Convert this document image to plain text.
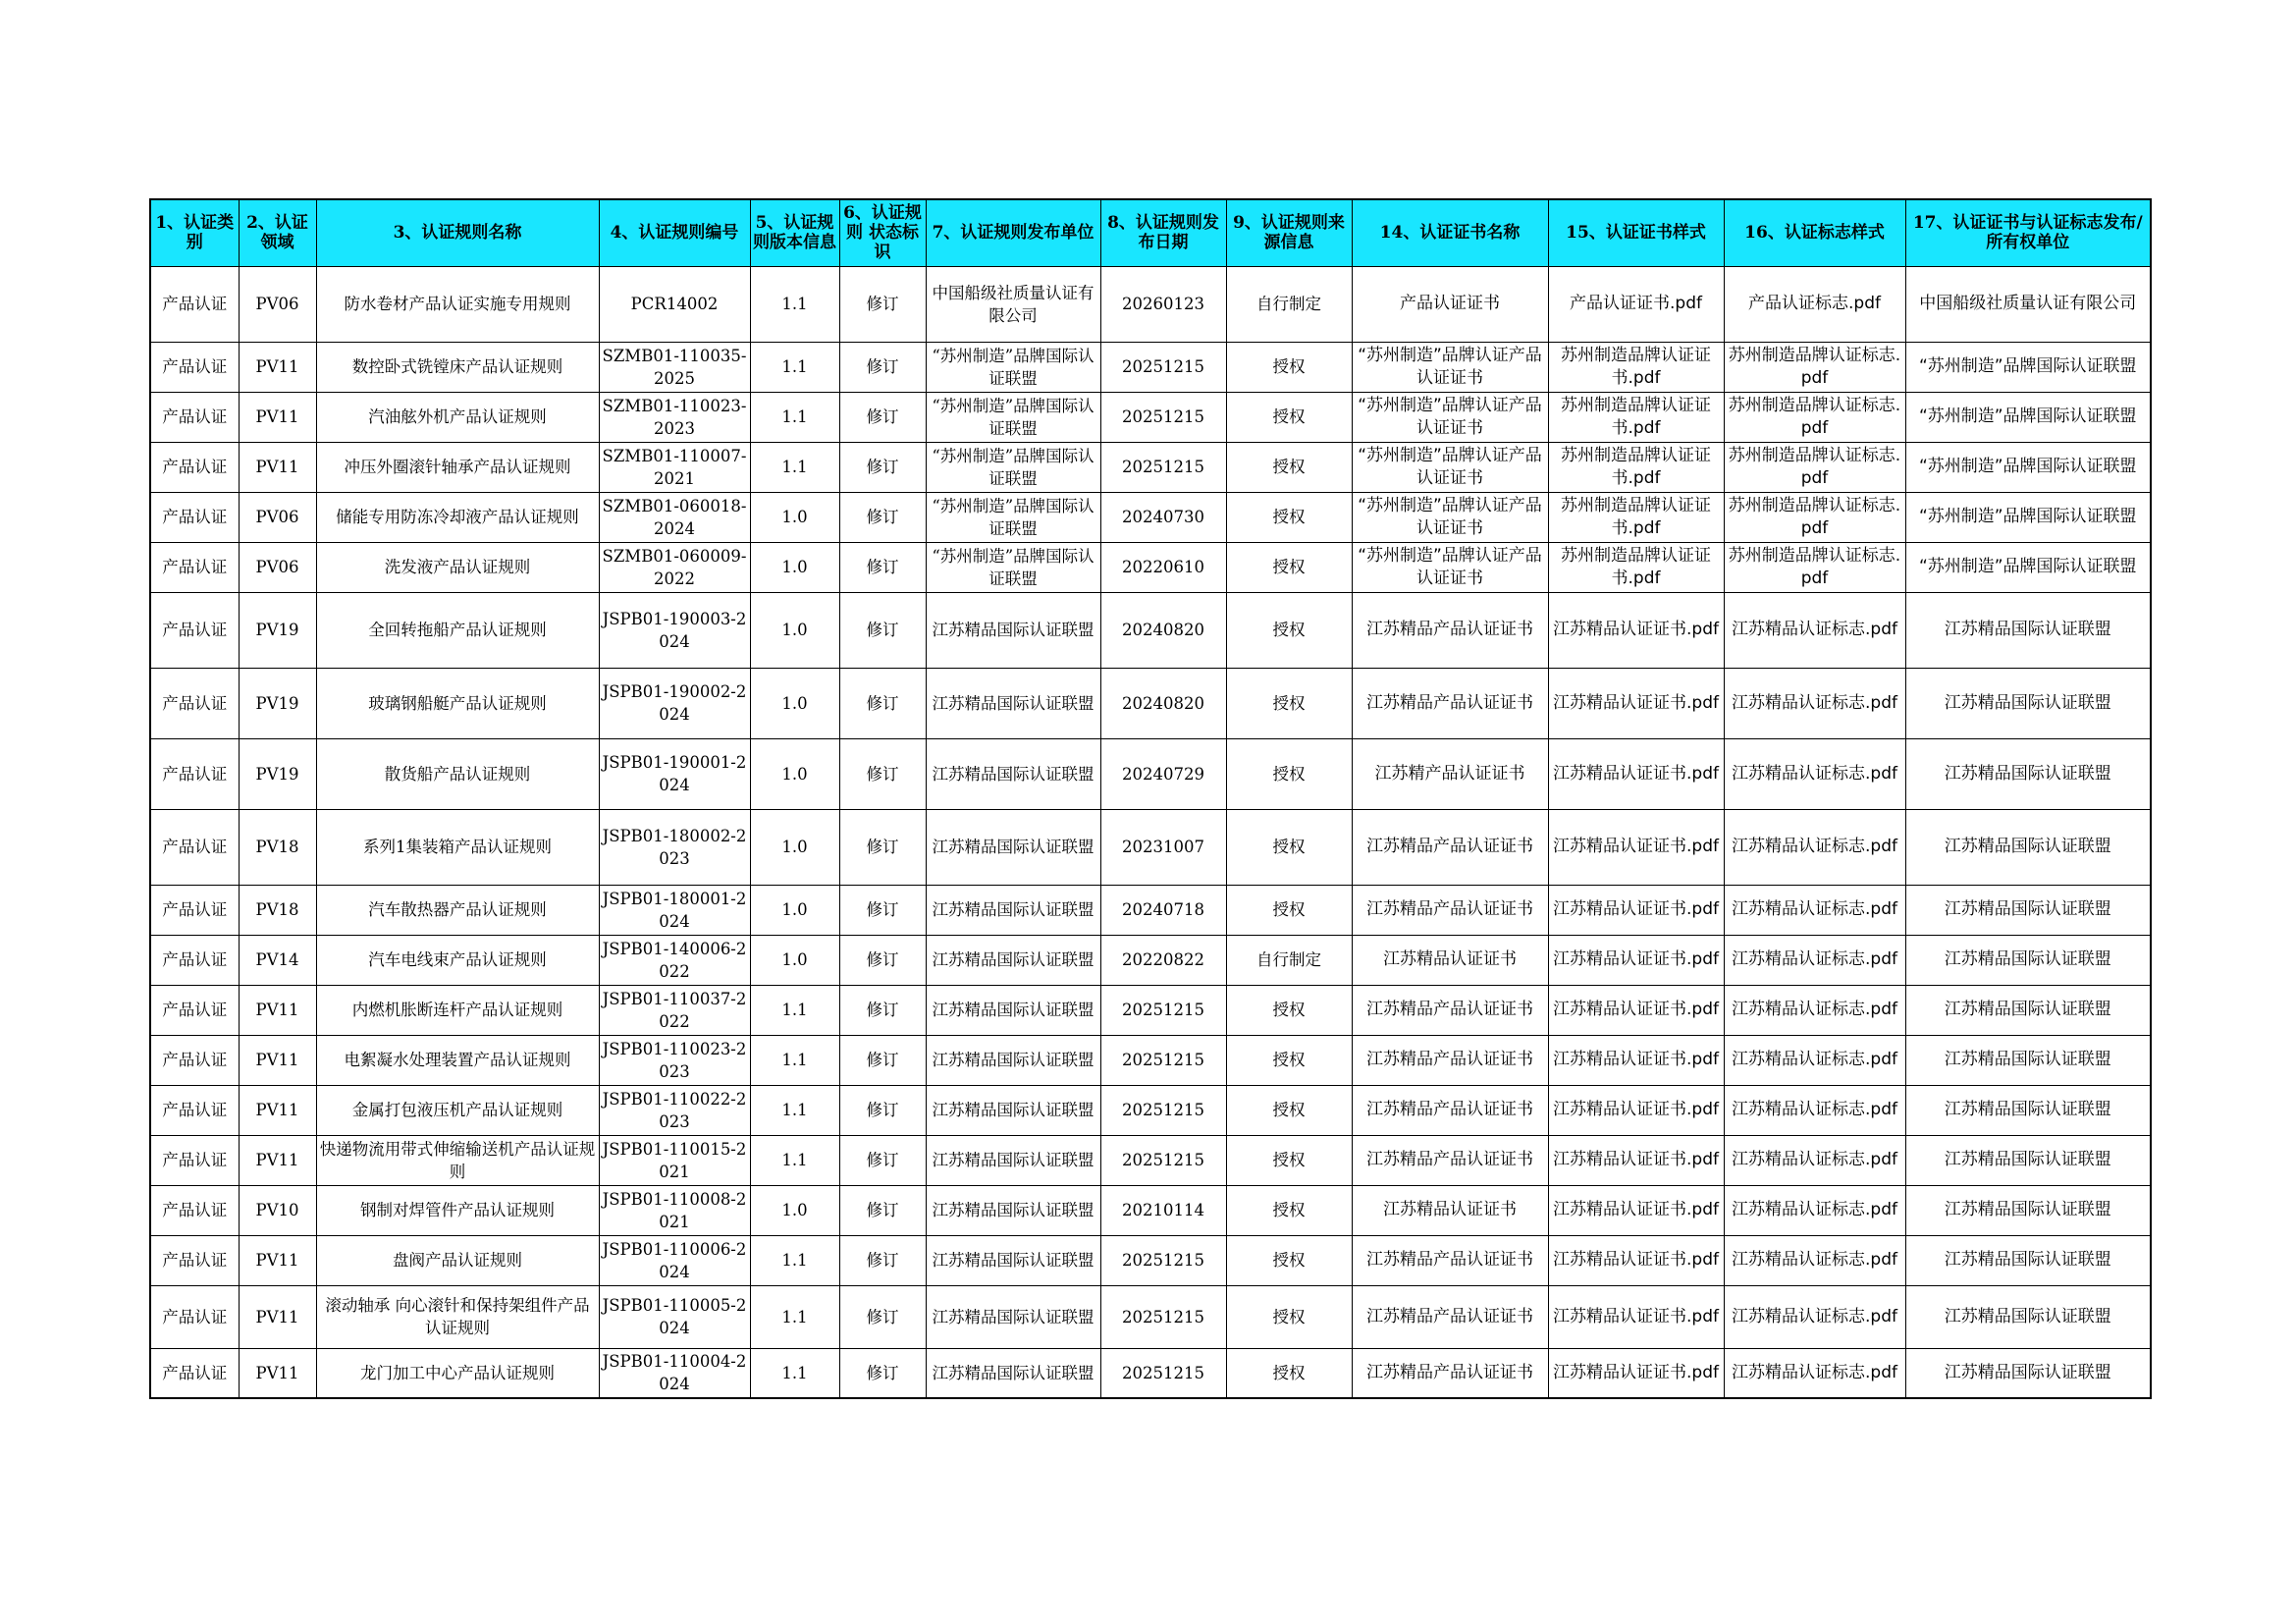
1、认证类别	2、认证领域	3、认证规则名称	4、认证规则编号	5、认证规则版本信息	6、认证规则 状态标识	7、认证规则发布单位	8、认证规则发布日期	9、认证规则来源信息	14、认证证书名称	15、认证证书样式	16、认证标志样式	17、认证证书与认证标志发布/所有权单位
产品认证	PV06	防水卷材产品认证实施专用规则	PCR14002	1.1	修订	中国船级社质量认证有限公司	20260123	自行制定	产品认证证书	产品认证证书.pdf	产品认证标志.pdf	中国船级社质量认证有限公司
产品认证	PV11	数控卧式铣镗床产品认证规则	SZMB01-110035-2025	1.1	修订	“苏州制造”品牌国际认证联盟	20251215	授权	“苏州制造”品牌认证产品认证证书	苏州制造品牌认证证书.pdf	苏州制造品牌认证标志.pdf	“苏州制造”品牌国际认证联盟
产品认证	PV11	汽油舷外机产品认证规则	SZMB01-110023-2023	1.1	修订	“苏州制造”品牌国际认证联盟	20251215	授权	“苏州制造”品牌认证产品认证证书	苏州制造品牌认证证书.pdf	苏州制造品牌认证标志.pdf	“苏州制造”品牌国际认证联盟
产品认证	PV11	冲压外圈滚针轴承产品认证规则	SZMB01-110007-2021	1.1	修订	“苏州制造”品牌国际认证联盟	20251215	授权	“苏州制造”品牌认证产品认证证书	苏州制造品牌认证证书.pdf	苏州制造品牌认证标志.pdf	“苏州制造”品牌国际认证联盟
产品认证	PV06	储能专用防冻冷却液产品认证规则	SZMB01-060018-2024	1.0	修订	“苏州制造”品牌国际认证联盟	20240730	授权	“苏州制造”品牌认证产品认证证书	苏州制造品牌认证证书.pdf	苏州制造品牌认证标志.pdf	“苏州制造”品牌国际认证联盟
产品认证	PV06	洗发液产品认证规则	SZMB01-060009-2022	1.0	修订	“苏州制造”品牌国际认证联盟	20220610	授权	“苏州制造”品牌认证产品认证证书	苏州制造品牌认证证书.pdf	苏州制造品牌认证标志.pdf	“苏州制造”品牌国际认证联盟
产品认证	PV19	全回转拖船产品认证规则	JSPB01-190003-2024	1.0	修订	江苏精品国际认证联盟	20240820	授权	江苏精品产品认证证书	江苏精品认证证书.pdf	江苏精品认证标志.pdf	江苏精品国际认证联盟
产品认证	PV19	玻璃钢船艇产品认证规则	JSPB01-190002-2024	1.0	修订	江苏精品国际认证联盟	20240820	授权	江苏精品产品认证证书	江苏精品认证证书.pdf	江苏精品认证标志.pdf	江苏精品国际认证联盟
产品认证	PV19	散货船产品认证规则	JSPB01-190001-2024	1.0	修订	江苏精品国际认证联盟	20240729	授权	江苏精产品认证证书	江苏精品认证证书.pdf	江苏精品认证标志.pdf	江苏精品国际认证联盟
产品认证	PV18	系列1集装箱产品认证规则	JSPB01-180002-2023	1.0	修订	江苏精品国际认证联盟	20231007	授权	江苏精品产品认证证书	江苏精品认证证书.pdf	江苏精品认证标志.pdf	江苏精品国际认证联盟
产品认证	PV18	汽车散热器产品认证规则	JSPB01-180001-2024	1.0	修订	江苏精品国际认证联盟	20240718	授权	江苏精品产品认证证书	江苏精品认证证书.pdf	江苏精品认证标志.pdf	江苏精品国际认证联盟
产品认证	PV14	汽车电线束产品认证规则	JSPB01-140006-2022	1.0	修订	江苏精品国际认证联盟	20220822	自行制定	江苏精品认证证书	江苏精品认证证书.pdf	江苏精品认证标志.pdf	江苏精品国际认证联盟
产品认证	PV11	内燃机胀断连杆产品认证规则	JSPB01-110037-2022	1.1	修订	江苏精品国际认证联盟	20251215	授权	江苏精品产品认证证书	江苏精品认证证书.pdf	江苏精品认证标志.pdf	江苏精品国际认证联盟
产品认证	PV11	电絮凝水处理装置产品认证规则	JSPB01-110023-2023	1.1	修订	江苏精品国际认证联盟	20251215	授权	江苏精品产品认证证书	江苏精品认证证书.pdf	江苏精品认证标志.pdf	江苏精品国际认证联盟
产品认证	PV11	金属打包液压机产品认证规则	JSPB01-110022-2023	1.1	修订	江苏精品国际认证联盟	20251215	授权	江苏精品产品认证证书	江苏精品认证证书.pdf	江苏精品认证标志.pdf	江苏精品国际认证联盟
产品认证	PV11	快递物流用带式伸缩输送机产品认证规则	JSPB01-110015-2021	1.1	修订	江苏精品国际认证联盟	20251215	授权	江苏精品产品认证证书	江苏精品认证证书.pdf	江苏精品认证标志.pdf	江苏精品国际认证联盟
产品认证	PV10	钢制对焊管件产品认证规则	JSPB01-110008-2021	1.0	修订	江苏精品国际认证联盟	20210114	授权	江苏精品认证证书	江苏精品认证证书.pdf	江苏精品认证标志.pdf	江苏精品国际认证联盟
产品认证	PV11	盘阀产品认证规则	JSPB01-110006-2024	1.1	修订	江苏精品国际认证联盟	20251215	授权	江苏精品产品认证证书	江苏精品认证证书.pdf	江苏精品认证标志.pdf	江苏精品国际认证联盟
产品认证	PV11	滚动轴承 向心滚针和保持架组件产品认证规则	JSPB01-110005-2024	1.1	修订	江苏精品国际认证联盟	20251215	授权	江苏精品产品认证证书	江苏精品认证证书.pdf	江苏精品认证标志.pdf	江苏精品国际认证联盟
产品认证	PV11	龙门加工中心产品认证规则	JSPB01-110004-2024	1.1	修订	江苏精品国际认证联盟	20251215	授权	江苏精品产品认证证书	江苏精品认证证书.pdf	江苏精品认证标志.pdf	江苏精品国际认证联盟
